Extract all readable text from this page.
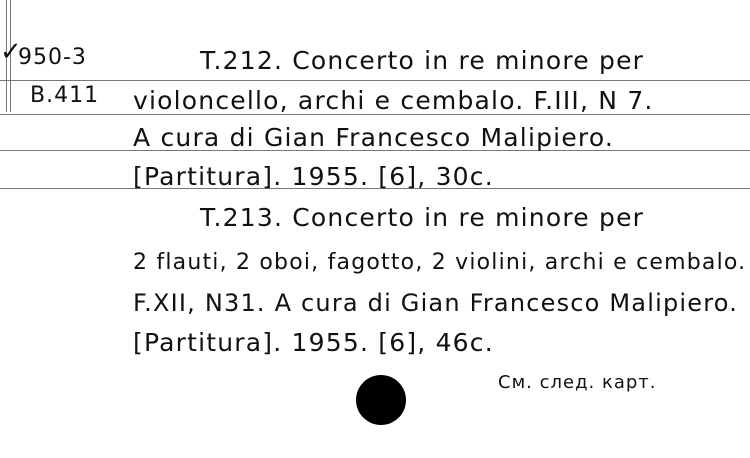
✓
950-3
B.411
T.212. Concerto in re minore per
violoncello, archi e cembalo. F.III, N 7.
A cura di Gian Francesco Malipiero.
[Partitura]. 1955. [6], 30c.
T.213. Concerto in re minore per
2 flauti, 2 oboi, fagotto, 2 violini, archi e cembalo.
F.XII, N31. A cura di Gian Francesco Malipiero.
[Partitura]. 1955. [6], 46c.
См. след. карт.
